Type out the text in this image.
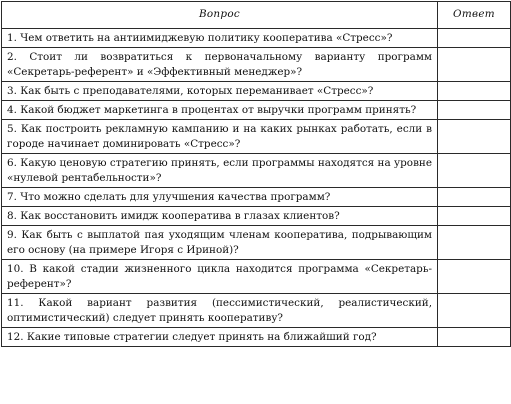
Вопрос	Ответ
1. Чем ответить на антиимиджевую политику кооператива «Стресс»?	
2. Стоит ли возвратиться к первоначальному варианту программ «Секретарь-референт» и «Эффективный менеджер»?	
3. Как быть с преподавателями, которых переманивает «Стресс»?	
4. Какой бюджет маркетинга в процентах от выручки программ принять?	
5. Как построить рекламную кампанию и на каких рынках работать, если в городе начинает доминировать «Стресс»?	
6. Какую ценовую стратегию принять, если программы находятся на уровне «нулевой рентабельности»?	
7. Что можно сделать для улучшения качества программ?	
8. Как восстановить имидж кооператива в глазах клиентов?	
9. Как быть с выплатой пая уходящим членам кооператива, подрывающим его основу (на примере Игоря с Ириной)?	
10. В какой стадии жизненного цикла находится программа «Секретарь-референт»?	
11. Какой вариант развития (пессимистический, реалистический, оптимистический) следует принять кооперативу?	
12. Какие типовые стратегии следует принять на ближайший год?	
